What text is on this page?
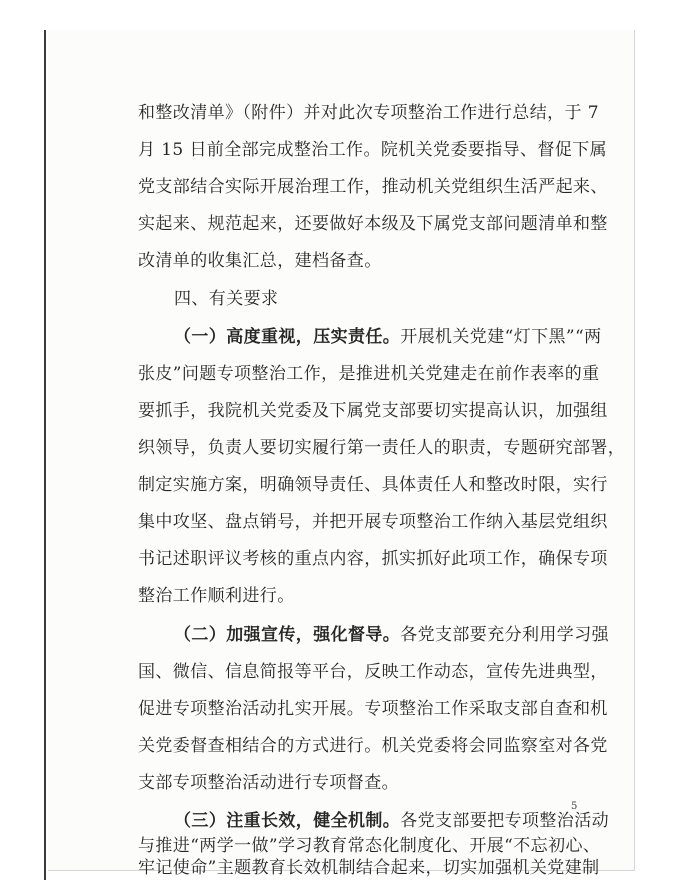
和整改清单》（附件）并对此次专项整治工作进行总结，于 7
月 15 日前全部完成整治工作。院机关党委要指导、督促下属
党支部结合实际开展治理工作，推动机关党组织生活严起来、
实起来、规范起来，还要做好本级及下属党支部问题清单和整
改清单的收集汇总，建档备查。
四、有关要求
（一）高度重视，压实责任。开展机关党建“灯下黑”“两
张皮”问题专项整治工作，是推进机关党建走在前作表率的重
要抓手，我院机关党委及下属党支部要切实提高认识，加强组
织领导，负责人要切实履行第一责任人的职责，专题研究部署，
制定实施方案，明确领导责任、具体责任人和整改时限，实行
集中攻坚、盘点销号，并把开展专项整治工作纳入基层党组织
书记述职评议考核的重点内容，抓实抓好此项工作，确保专项
整治工作顺利进行。
（二）加强宣传，强化督导。各党支部要充分利用学习强
国、微信、信息简报等平台，反映工作动态，宣传先进典型，
促进专项整治活动扎实开展。专项整治工作采取支部自查和机
关党委督查相结合的方式进行。机关党委将会同监察室对各党
支部专项整治活动进行专项督查。
（三）注重长效，健全机制。各党支部要把专项整治活动
与推进“两学一做”学习教育常态化制度化、开展“不忘初心、
牢记使命”主题教育长效机制结合起来，切实加强机关党建制
5
